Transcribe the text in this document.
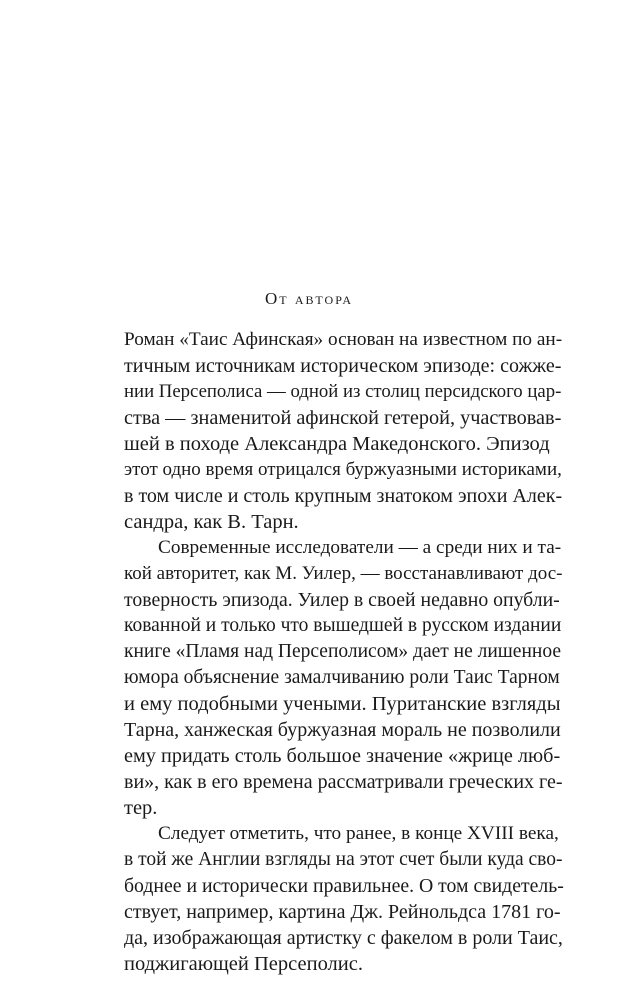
От автора

Роман «Таис Афинская» основан на известном по ан-
тичным источникам историческом эпизоде: сожже-
нии Персеполиса — одной из столиц персидского цар-
ства — знаменитой афинской гетерой, участвовав-
шей в походе Александра Македонского. Эпизод
этот одно время отрицался буржуазными историками,
в том числе и столь крупным знатоком эпохи Алек-
сандра, как В. Тарн.

Современные исследователи — а среди них и та-
кой авторитет, как М. Уилер, — восстанавливают дос-
товерность эпизода. Уилер в своей недавно опубли-
кованной и только что вышедшей в русском издании
книге «Пламя над Персеполисом» дает не лишенное
юмора объяснение замалчиванию роли Таис Тарном
и ему подобными учеными. Пуританские взгляды
Тарна, ханжеская буржуазная мораль не позволили
ему придать столь большое значение «жрице люб-
ви», как в его времена рассматривали греческих ге-
тер.

Следует отметить, что ранее, в конце XVIII века,
в той же Англии взгляды на этот счет были куда сво-
боднее и исторически правильнее. О том свидетель-
ствует, например, картина Дж. Рейнольдса 1781 го-
да, изображающая артистку с факелом в роли Таис,
поджигающей Персеполис.
